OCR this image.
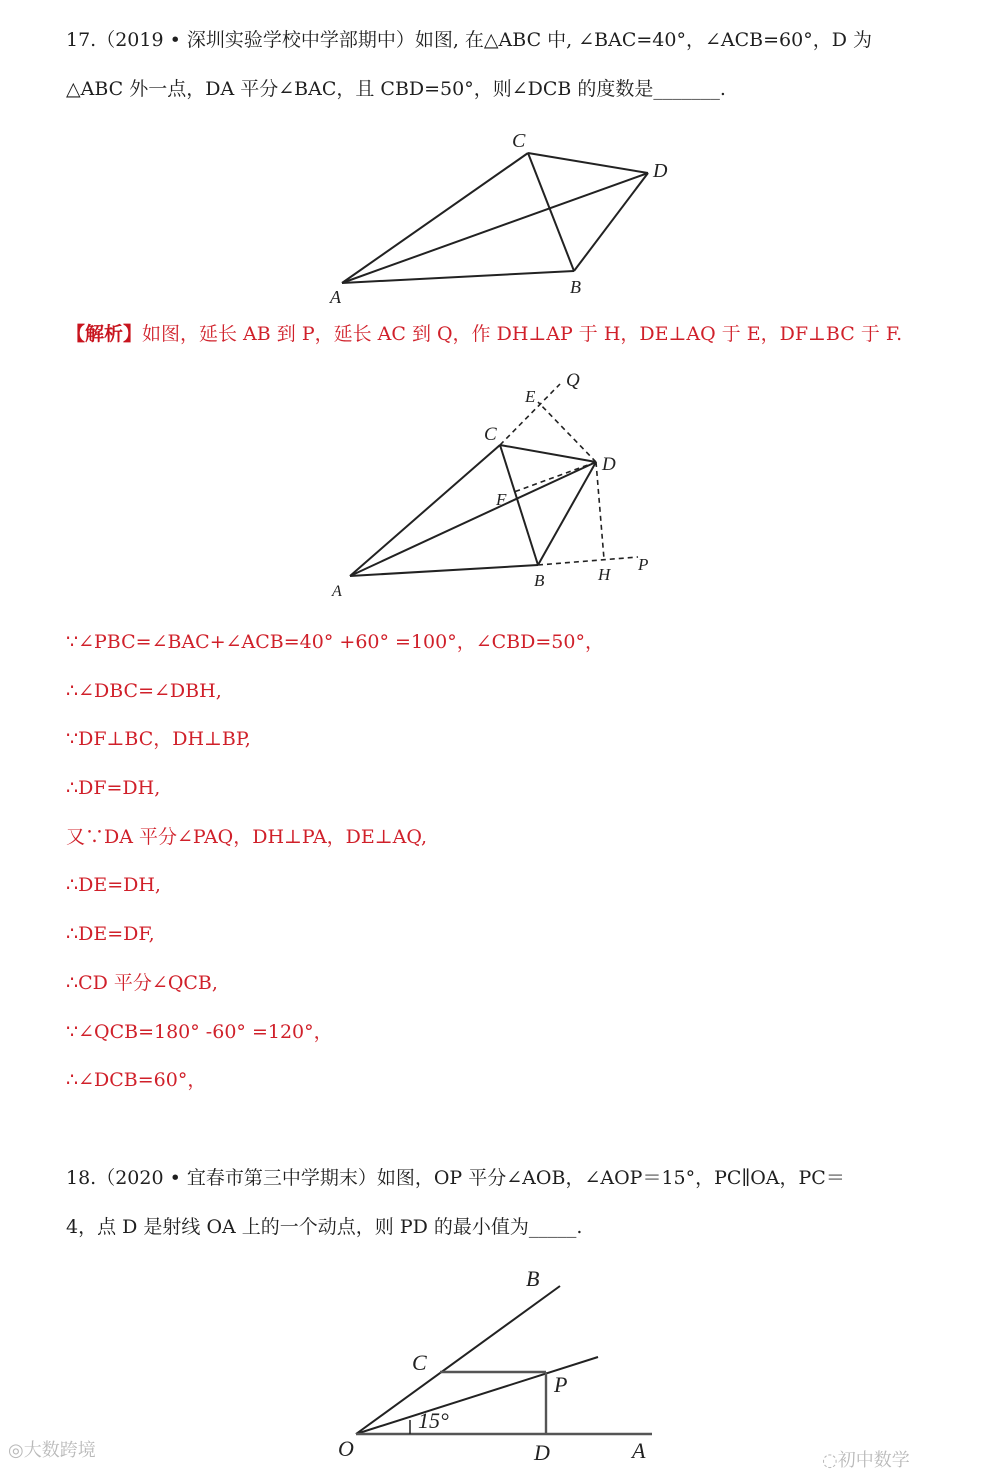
17.（2019 • 深圳实验学校中学部期中）如图, 在△ABC 中, ∠BAC=40°，∠ACB=60°，D 为
△ABC 外一点，DA 平分∠BAC，且 CBD=50°，则∠DCB 的度数是_______.
A	B
C
D
【解析】如图，延长 AB 到 P，延长 AC 到 Q，作 DH⊥AP 于 H，DE⊥AQ 于 E，DF⊥BC 于 F.
A
B
C
D
E
F
H
P
Q
∵∠PBC=∠BAC+∠ACB=40° +60° =100°，∠CBD=50°，
∴∠DBC=∠DBH,
∵DF⊥BC，DH⊥BP,
∴DF=DH,
又∵DA 平分∠PAQ，DH⊥PA，DE⊥AQ,
∴DE=DH,
∴DE=DF,
∴CD 平分∠QCB,
∵∠QCB=180° -60° =120°，
∴∠DCB=60°，
18.（2020 • 宜春市第三中学期末）如图，OP 平分∠AOB，∠AOP＝15°，PC∥OA，PC＝
4，点 D 是射线 OA 上的一个动点，则 PD 的最小值为_____.
15°
O	D	A
B
C
P
◎大数跨境	◌初中数学
